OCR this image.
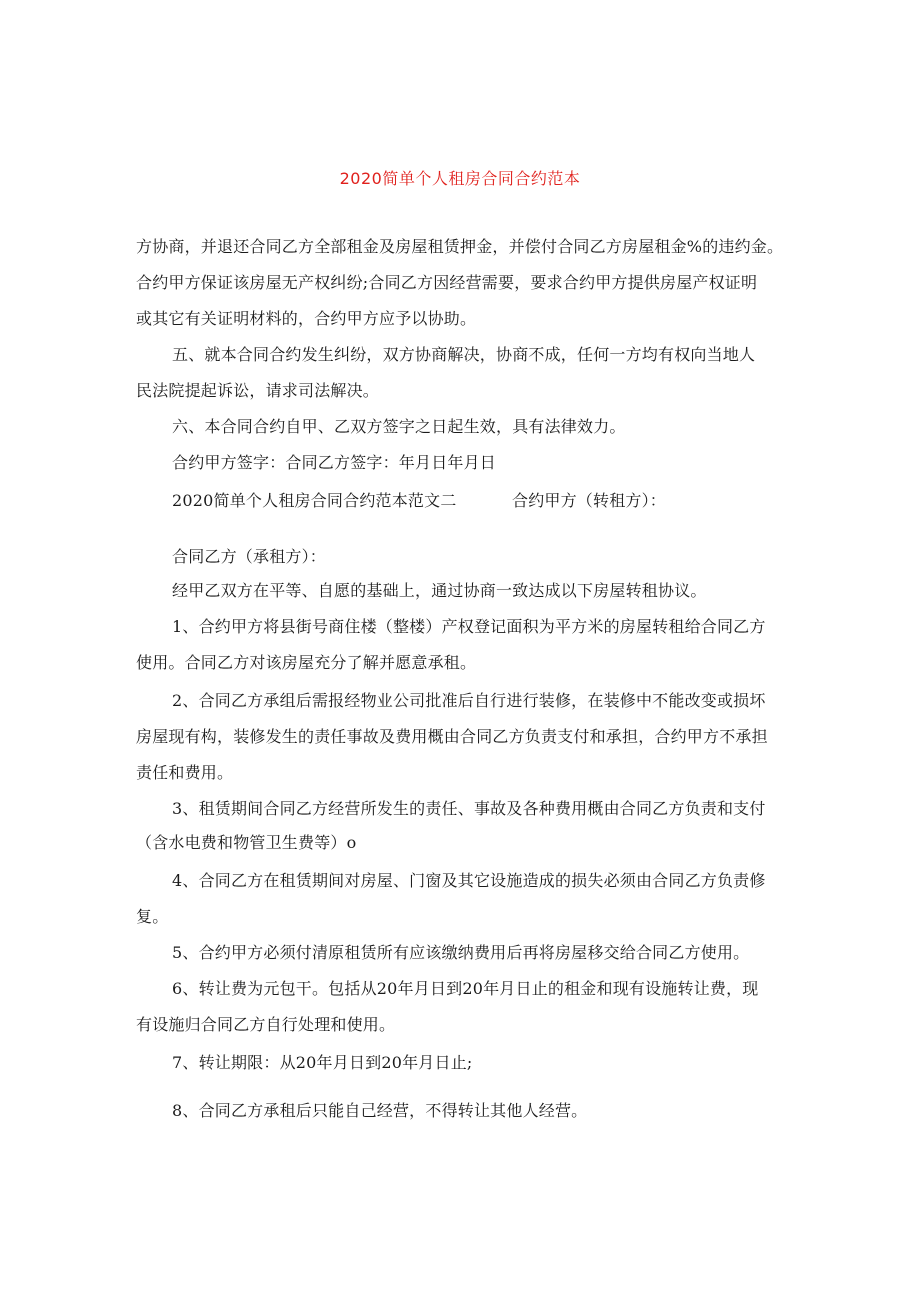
2020简单个人租房合同合约范本
方协商，并退还合同乙方全部租金及房屋租赁押金，并偿付合同乙方房屋租金%的违约金。
合约甲方保证该房屋无产权纠纷;合同乙方因经营需要，要求合约甲方提供房屋产权证明
或其它有关证明材料的，合约甲方应予以协助。
五、就本合同合约发生纠纷，双方协商解决，协商不成，任何一方均有权向当地人
民法院提起诉讼，请求司法解决。
六、本合同合约自甲、乙双方签字之日起生效，具有法律效力。
合约甲方签字：合同乙方签字：年月日年月日
2020简单个人租房合同合约范本范文二	合约甲方（转租方）：
合同乙方（承租方）：
经甲乙双方在平等、自愿的基础上，通过协商一致达成以下房屋转租协议。
1、合约甲方将县街号商住楼（整楼）产权登记面积为平方米的房屋转租给合同乙方
使用。合同乙方对该房屋充分了解并愿意承租。
2、合同乙方承组后需报经物业公司批准后自行进行装修，在装修中不能改变或损坏
房屋现有构，装修发生的责任事故及费用概由合同乙方负责支付和承担，合约甲方不承担
责任和费用。
3、租赁期间合同乙方经营所发生的责任、事故及各种费用概由合同乙方负责和支付
（含水电费和物管卫生费等）o
4、合同乙方在租赁期间对房屋、门窗及其它设施造成的损失必须由合同乙方负责修
复。
5、合约甲方必须付清原租赁所有应该缴纳费用后再将房屋移交给合同乙方使用。
6、转让费为元包干。包括从20年月日到20年月日止的租金和现有设施转让费，现
有设施归合同乙方自行处理和使用。
7、转让期限：从20年月日到20年月日止;
8、合同乙方承租后只能自己经营，不得转让其他人经营。
